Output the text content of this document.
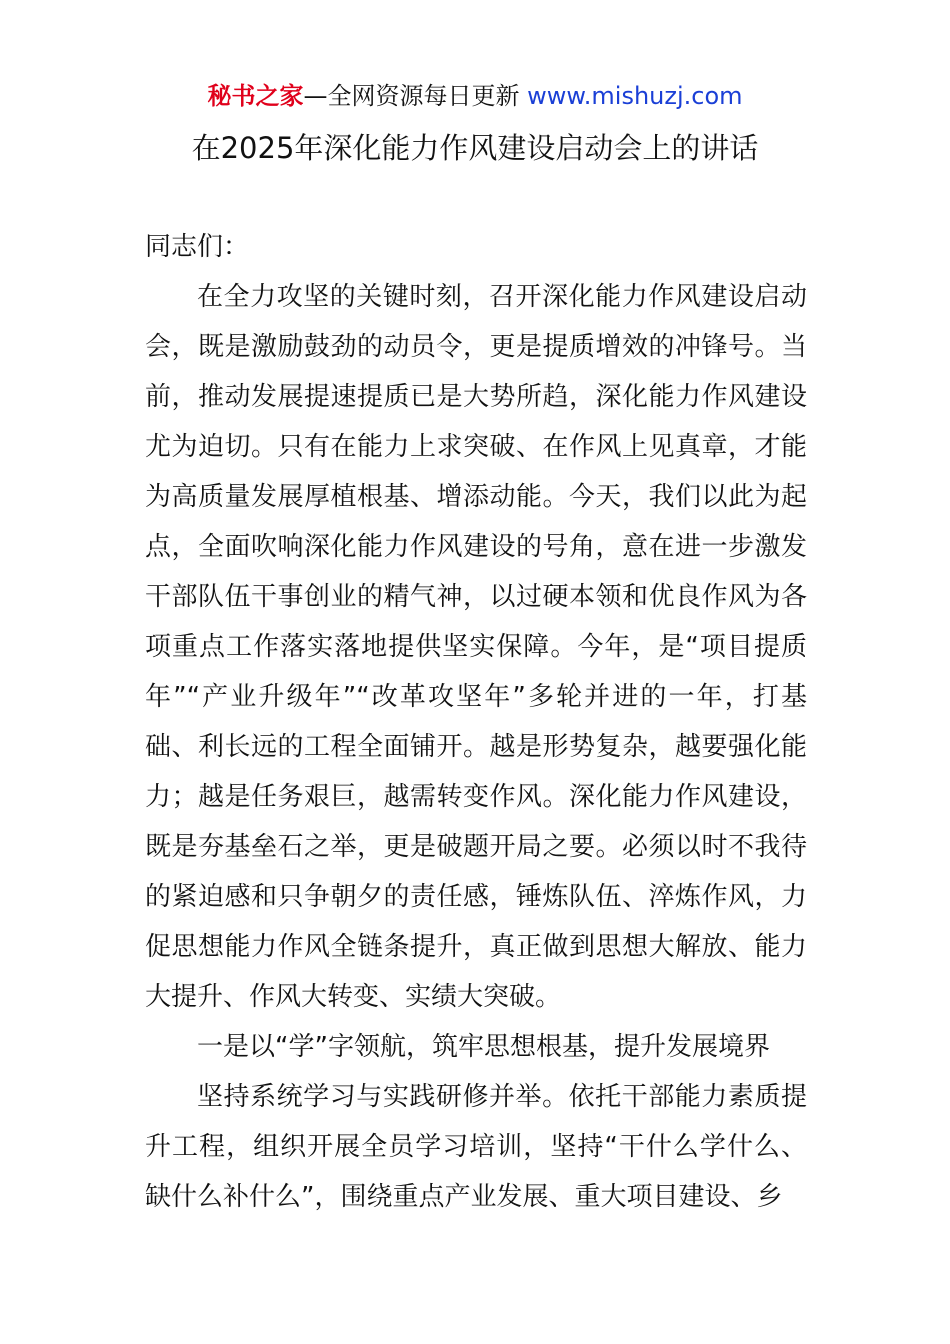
秘书之家—全网资源每日更新 www.mishuzj.com
在2025年深化能力作风建设启动会上的讲话

同志们：

在全力攻坚的关键时刻，召开深化能力作风建设启动会，既是激励鼓劲的动员令，更是提质增效的冲锋号。当前，推动发展提速提质已是大势所趋，深化能力作风建设尤为迫切。只有在能力上求突破、在作风上见真章，才能为高质量发展厚植根基、增添动能。今天，我们以此为起点，全面吹响深化能力作风建设的号角，意在进一步激发干部队伍干事创业的精气神，以过硬本领和优良作风为各项重点工作落实落地提供坚实保障。今年，是“项目提质年”“产业升级年”“改革攻坚年”多轮并进的一年，打基础、利长远的工程全面铺开。越是形势复杂，越要强化能力；越是任务艰巨，越需转变作风。深化能力作风建设，既是夯基垒石之举，更是破题开局之要。必须以时不我待的紧迫感和只争朝夕的责任感，锤炼队伍、淬炼作风，力促思想能力作风全链条提升，真正做到思想大解放、能力大提升、作风大转变、实绩大突破。

一是以“学”字领航，筑牢思想根基，提升发展境界

坚持系统学习与实践研修并举。依托干部能力素质提升工程，组织开展全员学习培训，坚持“干什么学什么、缺什么补什么”，围绕重点产业发展、重大项目建设、乡
